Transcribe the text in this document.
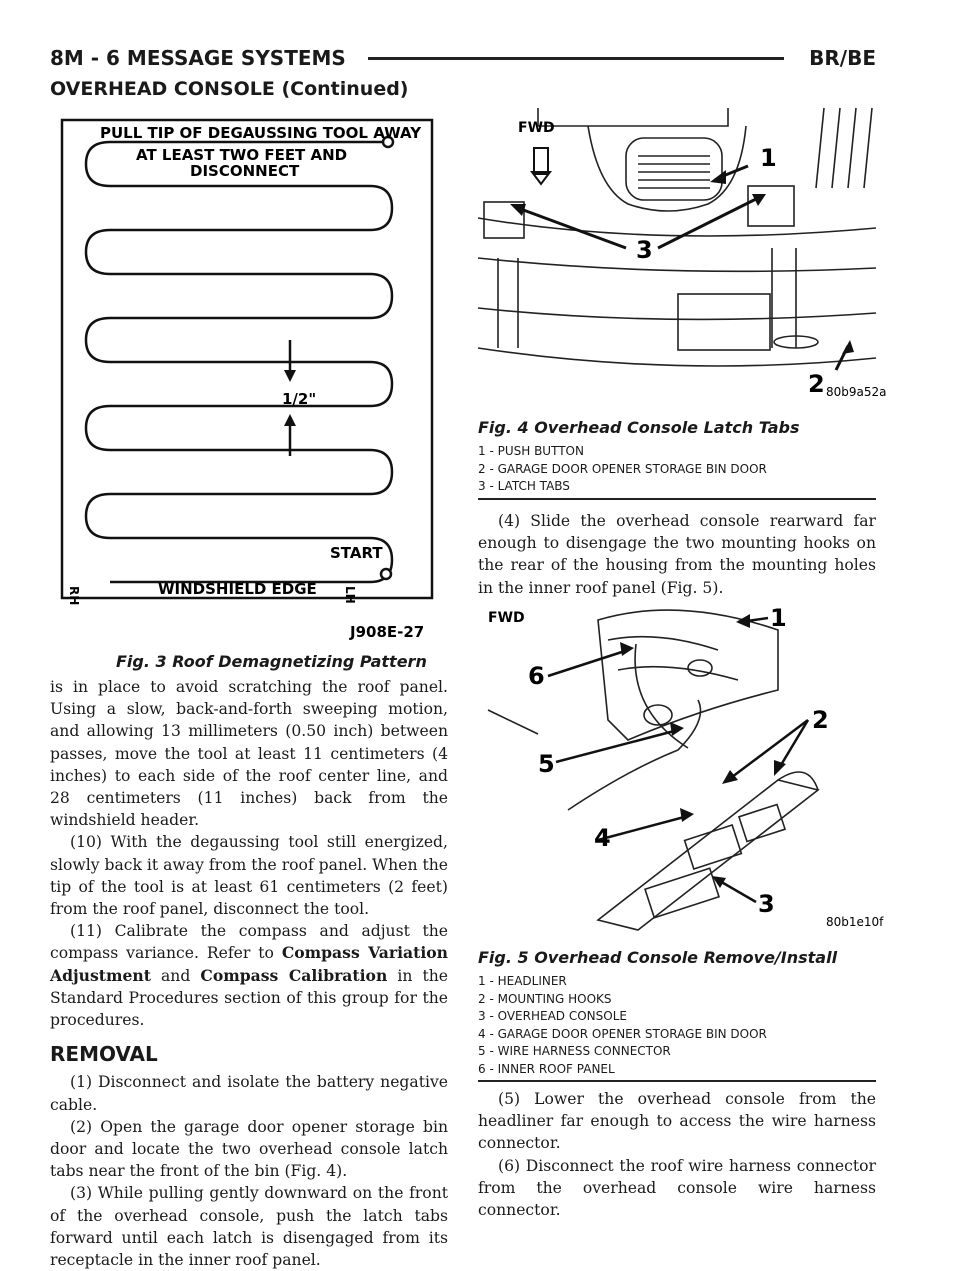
8M - 6 MESSAGE SYSTEMS	BR/BE
OVERHEAD CONSOLE (Continued)
PULL TIP OF DEGAUSSING TOOL AWAY
AT LEAST TWO FEET AND
DISCONNECT
1/2"
START
RH	LH
WINDSHIELD EDGE
J908E-27
Fig. 3 Roof Demagnetizing Pattern

is in place to avoid scratching the roof panel. Using a slow, back-and-forth sweeping motion, and allowing 13 millimeters (0.50 inch) between passes, move the tool at least 11 centimeters (4 inches) to each side of the roof center line, and 28 centimeters (11 inches) back from the windshield header.

(10) With the degaussing tool still energized, slowly back it away from the roof panel. When the tip of the tool is at least 61 centimeters (2 feet) from the roof panel, disconnect the tool.

(11) Calibrate the compass and adjust the compass variance. Refer to Compass Variation Adjustment and Compass Calibration in the Standard Procedures section of this group for the procedures.

REMOVAL

(1) Disconnect and isolate the battery negative cable.

(2) Open the garage door opener storage bin door and locate the two overhead console latch tabs near the front of the bin (Fig. 4).

(3) While pulling gently downward on the front of the overhead console, push the latch tabs forward until each latch is disengaged from its receptacle in the inner roof panel.

FWD
1
2
3
80b9a52a
Fig. 4 Overhead Console Latch Tabs
1 - PUSH BUTTON
2 - GARAGE DOOR OPENER STORAGE BIN DOOR
3 - LATCH TABS

(4) Slide the overhead console rearward far enough to disengage the two mounting hooks on the rear of the housing from the mounting holes in the inner roof panel (Fig. 5).

FWD	1
2
3
4
5
6
80b1e10f
Fig. 5 Overhead Console Remove/Install
1 - HEADLINER
2 - MOUNTING HOOKS
3 - OVERHEAD CONSOLE
4 - GARAGE DOOR OPENER STORAGE BIN DOOR
5 - WIRE HARNESS CONNECTOR
6 - INNER ROOF PANEL

(5) Lower the overhead console from the headliner far enough to access the wire harness connector.

(6) Disconnect the roof wire harness connector from the overhead console wire harness connector.
